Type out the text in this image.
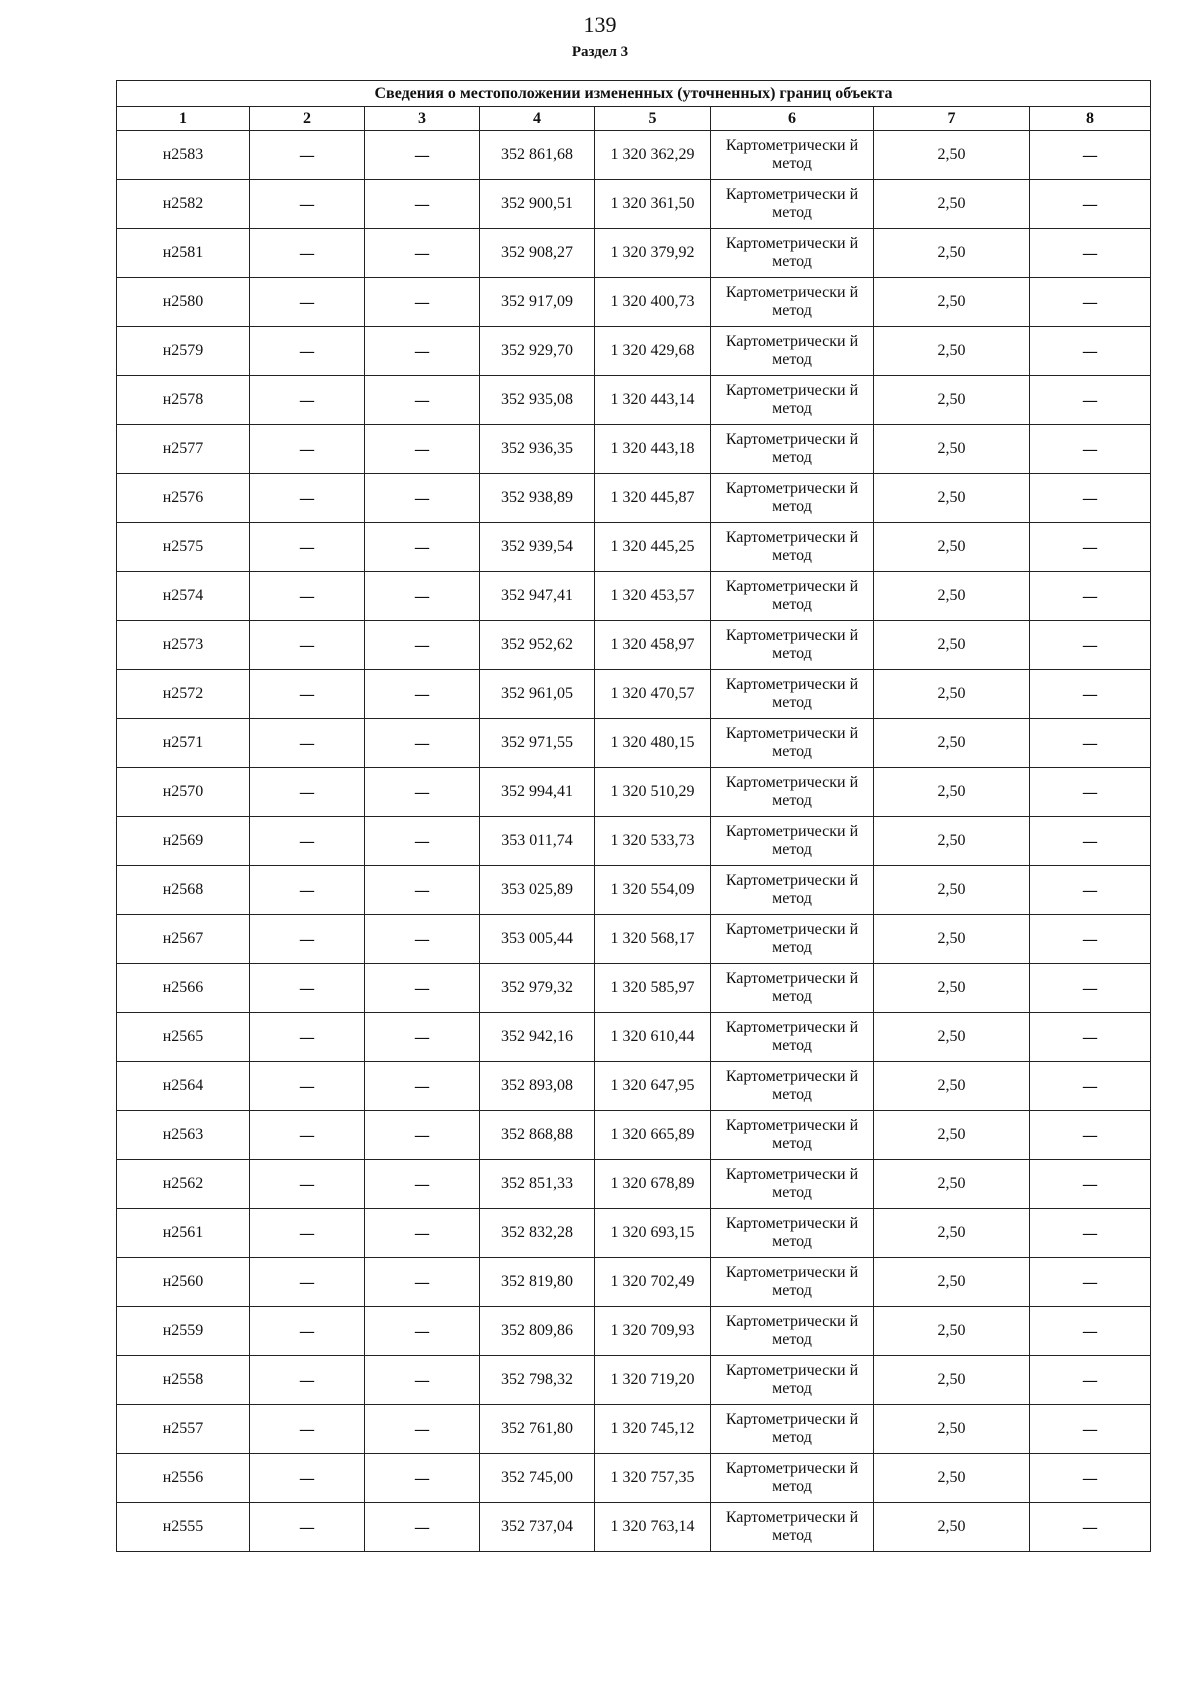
139
Раздел 3
Сведения о местоположении измененных (уточненных) границ объекта							
1	2	3	4	5	6	7	8
н2583	—	—	352 861,68	1 320 362,29	Картометрически й метод	2,50	—
н2582	—	—	352 900,51	1 320 361,50	Картометрически й метод	2,50	—
н2581	—	—	352 908,27	1 320 379,92	Картометрически й метод	2,50	—
н2580	—	—	352 917,09	1 320 400,73	Картометрически й метод	2,50	—
н2579	—	—	352 929,70	1 320 429,68	Картометрически й метод	2,50	—
н2578	—	—	352 935,08	1 320 443,14	Картометрически й метод	2,50	—
н2577	—	—	352 936,35	1 320 443,18	Картометрически й метод	2,50	—
н2576	—	—	352 938,89	1 320 445,87	Картометрически й метод	2,50	—
н2575	—	—	352 939,54	1 320 445,25	Картометрически й метод	2,50	—
н2574	—	—	352 947,41	1 320 453,57	Картометрически й метод	2,50	—
н2573	—	—	352 952,62	1 320 458,97	Картометрически й метод	2,50	—
н2572	—	—	352 961,05	1 320 470,57	Картометрически й метод	2,50	—
н2571	—	—	352 971,55	1 320 480,15	Картометрически й метод	2,50	—
н2570	—	—	352 994,41	1 320 510,29	Картометрически й метод	2,50	—
н2569	—	—	353 011,74	1 320 533,73	Картометрически й метод	2,50	—
н2568	—	—	353 025,89	1 320 554,09	Картометрически й метод	2,50	—
н2567	—	—	353 005,44	1 320 568,17	Картометрически й метод	2,50	—
н2566	—	—	352 979,32	1 320 585,97	Картометрически й метод	2,50	—
н2565	—	—	352 942,16	1 320 610,44	Картометрически й метод	2,50	—
н2564	—	—	352 893,08	1 320 647,95	Картометрически й метод	2,50	—
н2563	—	—	352 868,88	1 320 665,89	Картометрически й метод	2,50	—
н2562	—	—	352 851,33	1 320 678,89	Картометрически й метод	2,50	—
н2561	—	—	352 832,28	1 320 693,15	Картометрически й метод	2,50	—
н2560	—	—	352 819,80	1 320 702,49	Картометрически й метод	2,50	—
н2559	—	—	352 809,86	1 320 709,93	Картометрически й метод	2,50	—
н2558	—	—	352 798,32	1 320 719,20	Картометрически й метод	2,50	—
н2557	—	—	352 761,80	1 320 745,12	Картометрически й метод	2,50	—
н2556	—	—	352 745,00	1 320 757,35	Картометрически й метод	2,50	—
н2555	—	—	352 737,04	1 320 763,14	Картометрически й метод	2,50	—
